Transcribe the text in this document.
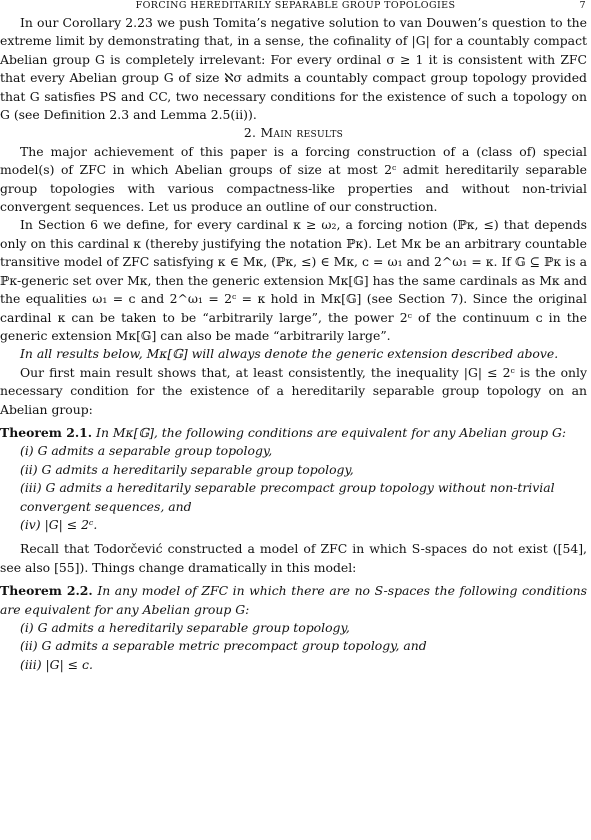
FORCING HEREDITARILY SEPARABLE GROUP TOPOLOGIES	7

In our Corollary 2.23 we push Tomita’s negative solution to van Douwen’s question to the extreme limit by demonstrating that, in a sense, the cofinality of |G| for a countably compact Abelian group G is completely irrelevant: For every ordinal σ ≥ 1 it is consistent with ZFC that every Abelian group G of size ℵσ admits a countably compact group topology provided that G satisfies PS and CC, two necessary conditions for the existence of such a topology on G (see Definition 2.3 and Lemma 2.5(ii)).

2. Main results

The major achievement of this paper is a forcing construction of a (class of) special model(s) of ZFC in which Abelian groups of size at most 2ᶜ admit hereditarily separable group topologies with various compactness-like properties and without non-trivial convergent sequences. Let us produce an outline of our construction.

In Section 6 we define, for every cardinal κ ≥ ω₂, a forcing notion (ℙκ, ≤) that depends only on this cardinal κ (thereby justifying the notation ℙκ). Let Mκ be an arbitrary countable transitive model of ZFC satisfying κ ∈ Mκ, (ℙκ, ≤) ∈ Mκ, ᴄ = ω₁ and 2^ω₁ = κ. If 𝔾 ⊆ ℙκ is a ℙκ-generic set over Mκ, then the generic extension Mκ[𝔾] has the same cardinals as Mκ and the equalities ω₁ = ᴄ and 2^ω₁ = 2ᶜ = κ hold in Mκ[𝔾] (see Section 7). Since the original cardinal κ can be taken to be “arbitrarily large”, the power 2ᶜ of the continuum ᴄ in the generic extension Mκ[𝔾] can also be made “arbitrarily large”.

In all results below, Mκ[𝔾] will always denote the generic extension described above.

Our first main result shows that, at least consistently, the inequality |G| ≤ 2ᶜ is the only necessary condition for the existence of a hereditarily separable group topology on an Abelian group:

Theorem 2.1. In Mκ[𝔾], the following conditions are equivalent for any Abelian group G:

(i) G admits a separable group topology,

(ii) G admits a hereditarily separable group topology,

(iii) G admits a hereditarily separable precompact group topology without non-trivial convergent sequences, and

(iv) |G| ≤ 2ᶜ.

Recall that Todorčević constructed a model of ZFC in which S-spaces do not exist ([54], see also [55]). Things change dramatically in this model:

Theorem 2.2. In any model of ZFC in which there are no S-spaces the following conditions are equivalent for any Abelian group G:

(i) G admits a hereditarily separable group topology,

(ii) G admits a separable metric precompact group topology, and

(iii) |G| ≤ ᴄ.
